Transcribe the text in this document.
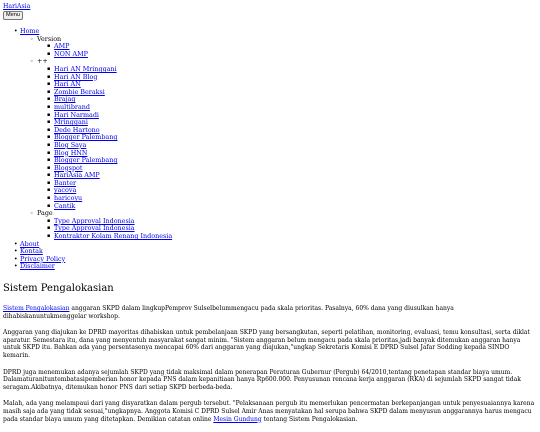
HariAsia
Menu
• Home
◦ Version
▪ AMP
▪ NON AMP
◦ ++
▪ Hari AN Mringgani
▪ Hari AN Blog
▪ Hari AN
▪ Zombie Beraksi
▪ Brajag
▪ multibrand
▪ Hari Narmadi
▪ Mringgani
▪ Dede Hartono
▪ Blogger Palembang
▪ Blog Saya
▪ Blog HNN
▪ Blogger Palembang
▪ Blogspot
▪ HariAsia AMP
▪ Banter
▪ yacova
▪ haricoyu
▪ Cantik
◦ Page
▪ Type Approval Indonesia
▪ Type Approval Indonesia
▪ Kontraktor Kolam Renang Indonesia
• About
• Kontak
• Privacy Policy
• Disclaimer
Sistem Pengalokasian

Sistem Pengalokasian anggaran SKPD dalam lingkupPemprov Sulselbelummengacu pada skala prioritas. Pasalnya, 60% dana yang diusulkan hanya dihabiskanuntukmenggelar workshop.

Anggaran yang diajukan ke DPRD mayoritas dihabiskan untuk pembelanjaan SKPD yang bersangkutan, seperti pelatihan, monitoring, evaluasi, temu konsultasi, serta diklat aparatur. Semestara itu, dana yang menyentuh masyarakat sangat minim. "Sistem anggaran belum mengacu pada skala prioritas,jadi banyak ditemukan anggaran hanya untuk SKPD itu. Bahkan ada yang persentasenya mencapai 60% dari anggaran yang diajukan,"ungkap Sekretaris Komisi E DPRD Sulsel Jafar Sodding kepada SINDO kemarin.

DPRD juga menemukan adanya sejumlah SKPD yang tidak maksimal dalam penerapan Peraturan Gubernur (Pergub) 64/2010,tentang penetapan standar biaya umum. Dalamaturanituntembatasipemberian honor kepada PNS dalam kepanitiaan hanya Rp600.000. Penyusunan rencana kerja anggaran (RKA) di sejumlah SKPD sangat tidak seragam.Akibatnya, ditemukan honor PNS dari setiap SKPD berbeda-beda.

Malah, ada yang melampaui dari yang disyaratkan dalam pergub tersebut. "Pelaksanaan pergub itu memerlukan pencermatan berkepanjangan untuk penyesuaiannya karena masih saja ada yang tidak sesuai,"ungkapnya. Anggota Komisi C DPRD Sulsel Amir Anas menyatakan hal serupa bahwa SKPD dalam menyusun anggarannya harus mengacu pada standar biaya umum yang ditetapkan. Demikian catatan online Mesin Gundung tentang Sistem Pengalokasian.
